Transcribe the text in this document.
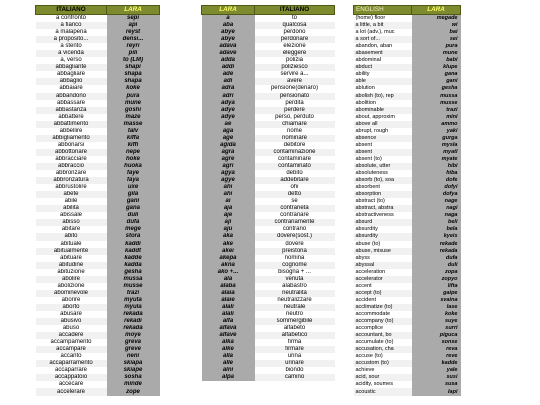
ITALIANO	LARA
a confronto	sepi
a fianco	api
a malapena	reyst
a proposito...	densi...
a stento	reyri
a vicenda	pili
a, verso	to (LM)
abbagliante	shapi
abbagliare	shapa
abbaglio	shapa
abbaiare	koke
abbandono	pura
abbassare	mune
abbastanza	goshi
abbattere	maze
abbattimento	masse
abbellire	talv
abbigliamento	kiffa
abbonarsi	kiffi
abbottonare	nepe
abbracciare	hoke
abbraccio	huoka
abbronzare	faye
abbronzatura	faya
abbrustolire	uxe
abete	gila
abile	gani
abilità	gana
abissale	duli
abisso	dufa
abitare	mege
abito	stora
abituale	kaddi
abitualmente	kaddt
abituare	kadde
abitudine	kadda
abituzione	gesha
abolire	mussa
abolizione	musse
abominevole	trazi
aborire	myuta
aborto	myula
abusare	rekada
abusivo	rekadi
abuso	rekada
accadere	moye
accampamento	greva
accampare	greve
accanto	neni
accaparramento	skiapa
accaparrare	skiape
accappatoio	sosha
accecare	minde
accelerare	zope
LARA	ITALIANO
a	to
aba	qualcosa
abye	perdono
abye	perdonare
adava	elezione
adave	eleggere
adda	polizia
addi	poliziesco
ade	servire a...
adi	avere
adra	pensione(denaro)
adri	pensionato
adya	perdita
adye	perdere
adye	perso, perduto
ae	chiamare
aga	nome
age	nominare
agida	debitore
agra	contaminazione
agre	contaminare
agri	contaminato
agya	debito
agye	addebitare
ahi	ohi
ahi	detto
ai	se
aja	contrarietà
aje	contrariare
aji	contrariamente
aju	contrario
aka	dovere(sost.)
ake	dovere
akei	preistoria
akepa	nomina
akna	cognome
ako +...	bisogna + ...
ala	venuta
alaba	alabastro
alaia	neutralità
alaie	neutralizzare
alali	neutrale
alali	neutro
alfa	sommergibile
alfava	alfabeto
alfave	alfabetico
alka	firma
alke	firmare
alla	urina
alle	urinare
alni	biondo
alpa	camino
ENGLISH	LARA
(home) floor	megade
a little, a bit	wi
a lot (adv.), muc	bai
a sort of...	sei
abandon, aban	pura
abasement	mune
abdominal	babi
abduct	klupe
ability	gana
able	gani
ablution	gesha
abolish (to), rep	mussa
abolition	musse
abominable	trazi
about, approxim	mini
above all	ammo
abrupt, rough	yaki
absence	gurga
absent	mysla
absent	myatl
absent (to)	myate
absolute, utter	hibi
absoluteness	hiba
absorb (to), soa	dofe
absorbent	dofyi
absorption	dofya
abstract (to)	nage
abstract, abstra	nagi
abstractiveness	naga
absurd	beli
absurdity	bela
absurdity	kyeis
abuse (to)	rekade
abuse, misuse	rekada
abyss	dufa
abyssal	duli
acceleration	zopa
accelerator	zopyo
accent	lifta
accept (to)	gaipe
accident	svaina
acclimatize (to)	lase
accommodate	koke
accompany (to)	suye
accomplice	surri
accountant, bo	piguca
accumulate (to)	sonse
accusation, cha	reva
accuse (to)	reve
accustom (to)	kadde
achieve	yale
acid, sour	susi
acidity, soumes	susa
acoustic	lapi
